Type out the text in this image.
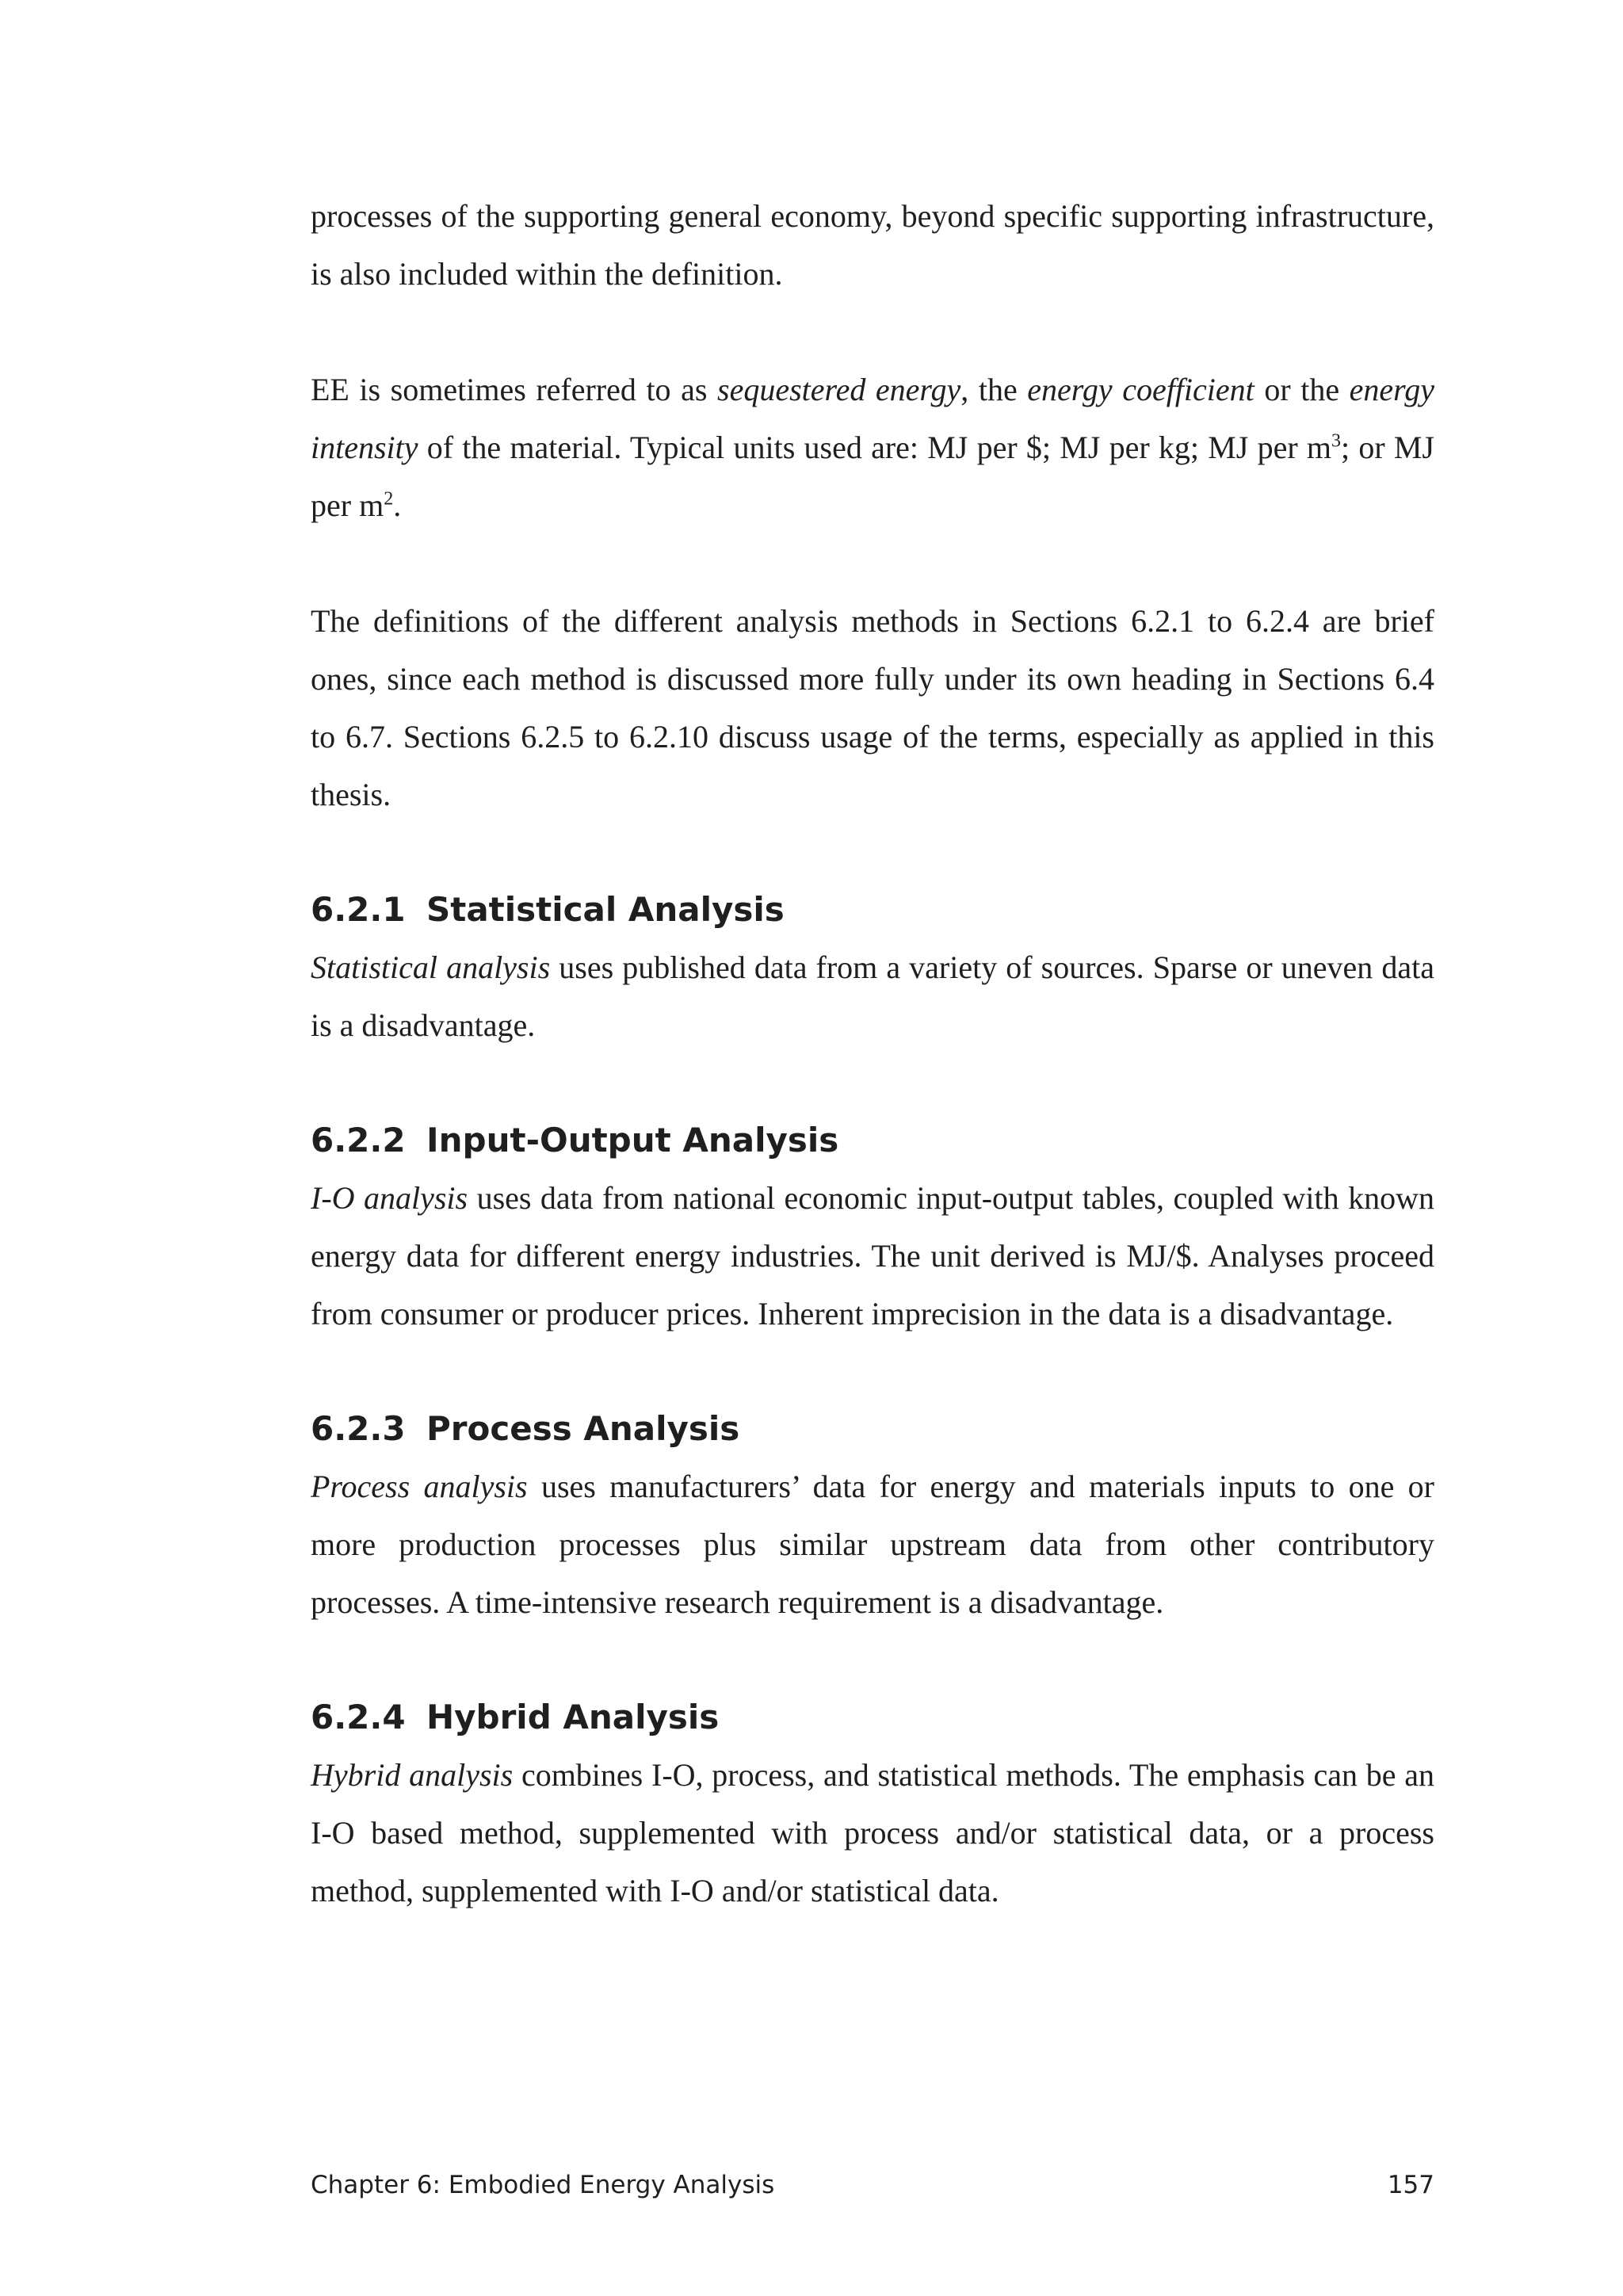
processes of the supporting general economy, beyond specific supporting infrastructure, is also included within the definition.

EE is sometimes referred to as sequestered energy, the energy coefficient or the energy intensity of the material. Typical units used are: MJ per $; MJ per kg; MJ per $m^3$; or MJ per $m^2$.

The definitions of the different analysis methods in Sections 6.2.1 to 6.2.4 are brief ones, since each method is discussed more fully under its own heading in Sections 6.4 to 6.7. Sections 6.2.5 to 6.2.10 discuss usage of the terms, especially as applied in this thesis.

6.2.1 Statistical Analysis

Statistical analysis uses published data from a variety of sources. Sparse or uneven data is a disadvantage.

6.2.2 Input-Output Analysis

I-O analysis uses data from national economic input-output tables, coupled with known energy data for different energy industries. The unit derived is MJ/$. Analyses proceed from consumer or producer prices. Inherent imprecision in the data is a disadvantage.

6.2.3 Process Analysis

Process analysis uses manufacturers’ data for energy and materials inputs to one or more production processes plus similar upstream data from other contributory processes. A time-intensive research requirement is a disadvantage.

6.2.4 Hybrid Analysis

Hybrid analysis combines I-O, process, and statistical methods. The emphasis can be an I-O based method, supplemented with process and/or statistical data, or a process method, supplemented with I-O and/or statistical data.

Chapter 6: Embodied Energy Analysis	157
